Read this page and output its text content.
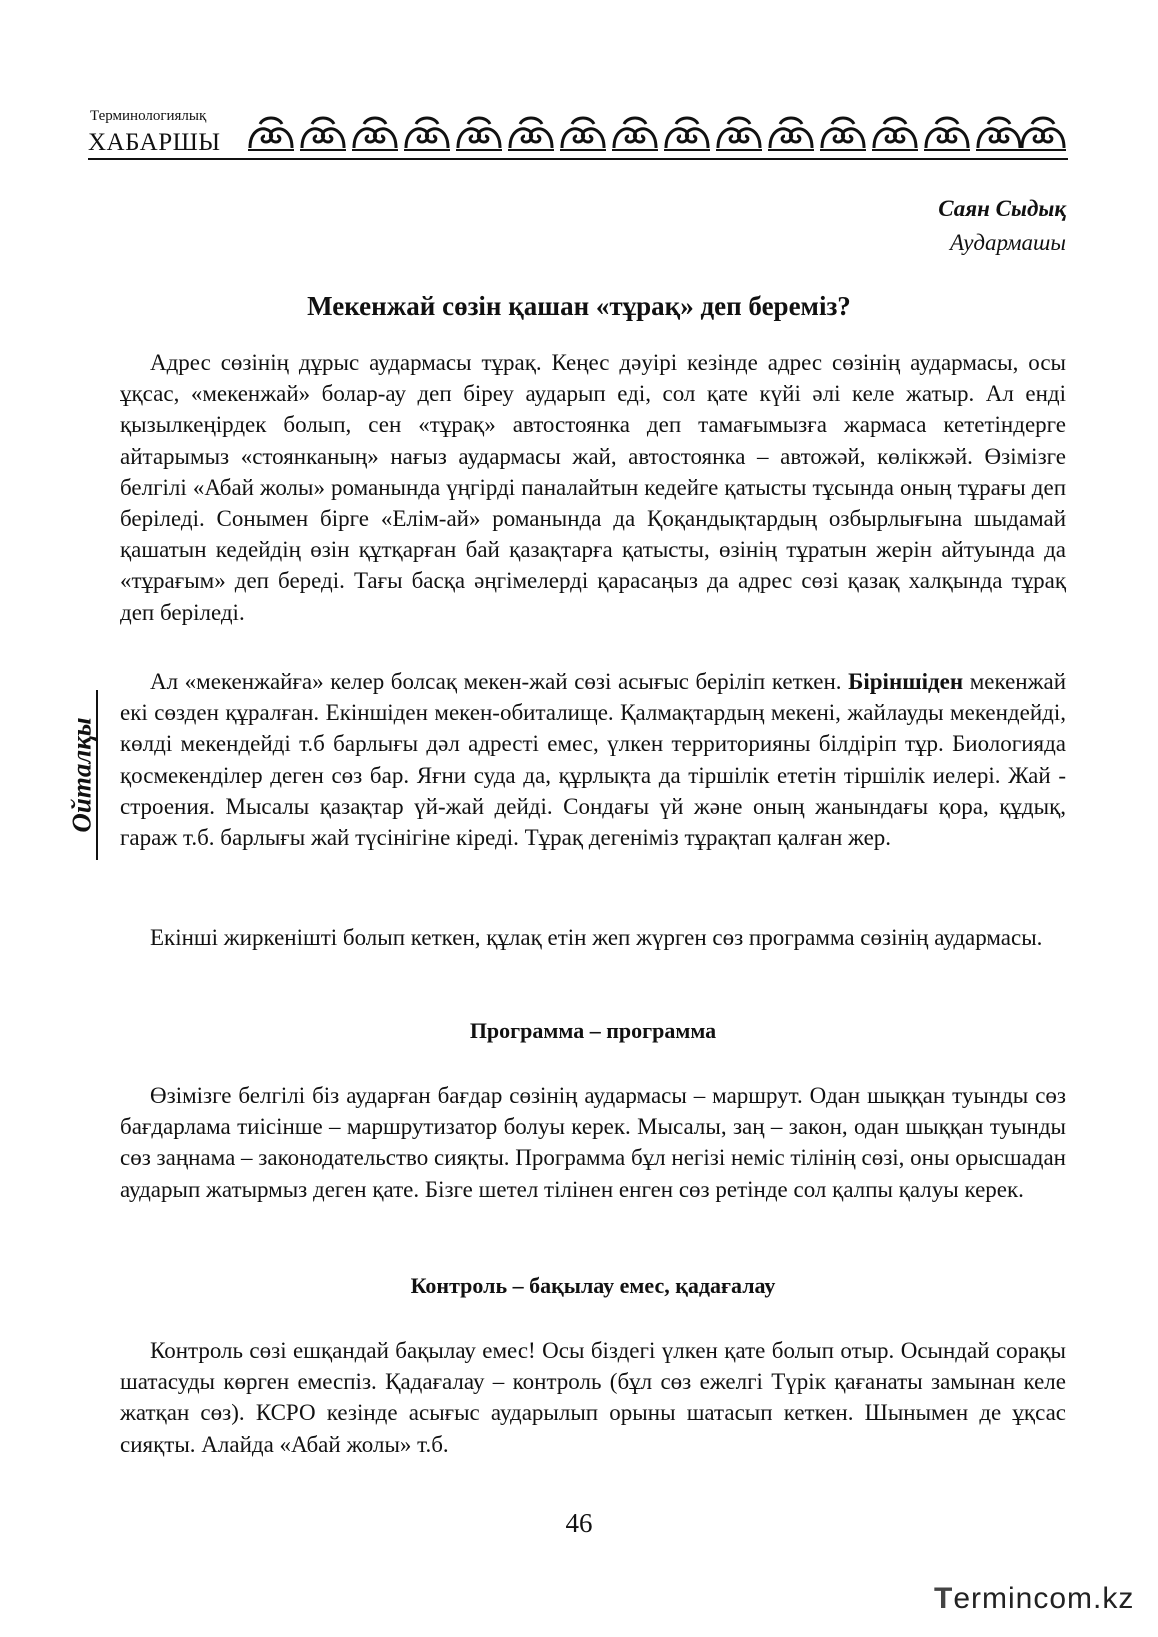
Терминологиялық
ХАБАРШЫ
Саян Сыдық
Аудармашы
Мекенжай сөзін қашан «тұрақ» деп береміз?

Адрес сөзінің дұрыс аудармасы тұрақ. Кеңес дәуірі кезінде адрес сөзінің аудармасы, осы ұқсас, «мекенжай» болар-ау деп біреу аударып еді, сол қате күйі әлі келе жатыр. Ал енді қызылкеңірдек болып, сен «тұрақ» автостоянка деп тамағымызға жармаса кететіндерге айтарымыз «стоянканың» нағыз аудармасы жай, автостоянка – автожәй, көлікжәй. Өзімізге белгілі «Абай жолы» романында үңгірді паналайтын кедейге қатысты тұсында оның тұрағы деп беріледі. Сонымен бірге «Елім-ай» романында да Қоқандықтардың озбырлығына шыдамай қашатын кедейдің өзін құтқарған бай қазақтарға қатысты, өзінің тұратын жерін айтуында да «тұрағым» деп береді. Тағы басқа әңгімелерді қарасаңыз да адрес сөзі қазақ халқында тұрақ деп беріледі.

Ал «мекенжайға» келер болсақ мекен-жай сөзі асығыс беріліп кеткен. Біріншіден мекенжай екі сөзден құралған. Екіншіден мекен-обиталище. Қалмақтардың мекені, жайлауды мекендейді, көлді мекендейді т.б барлығы дәл адресті емес, үлкен территорияны білдіріп тұр. Биологияда қосмекенділер деген сөз бар. Яғни суда да, құрлықта да тіршілік ететін тіршілік иелері. Жай - строения. Мысалы қазақтар үй-жай дейді. Сондағы үй және оның жанындағы қора, құдық, гараж т.б. барлығы жай түсінігіне кіреді. Тұрақ дегеніміз тұрақтап қалған жер.

Екінші жиркенішті болып кеткен, құлақ етін жеп жүрген сөз программа сөзінің аудармасы.

Программа – программа

Өзімізге белгілі біз аударған бағдар сөзінің аудармасы – маршрут. Одан шыққан туынды сөз бағдарлама тиісінше – маршрутизатор болуы керек. Мысалы, заң – закон, одан шыққан туынды сөз заңнама – законодательство сияқты. Программа бұл негізі неміс тілінің сөзі, оны орысшадан аударып жатырмыз деген қате. Бізге шетел тілінен енген сөз ретінде сол қалпы қалуы керек.

Контроль – бақылау емес, қадағалау

Контроль сөзі ешқандай бақылау емес! Осы біздегі үлкен қате болып отыр. Осындай сорақы шатасуды көрген емеспіз. Қадағалау – контроль (бұл сөз ежелгі Түрік қағанаты замынан келе жатқан сөз). КСРО кезінде асығыс аударылып орыны шатасып кеткен. Шынымен де ұқсас сияқты. Алайда «Абай жолы» т.б.

Ойталқы
46
Termincom.kz
